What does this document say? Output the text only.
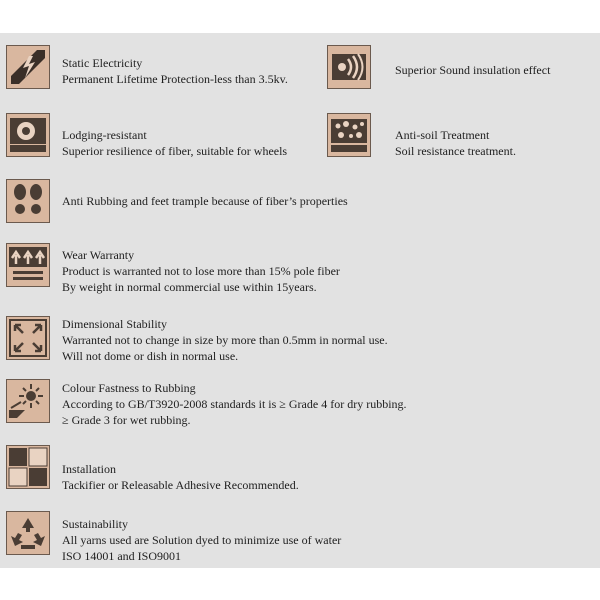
Static Electricity
Permanent Lifetime Protection-less than 3.5kv.
Superior Sound insulation effect
Lodging-resistant
Superior resilience of fiber, suitable for wheels
Anti-soil Treatment
Soil resistance treatment.
Anti Rubbing and feet trample because of fiber’s properties
Wear Warranty
Product is warranted not to lose more than 15% pole fiber
By weight in normal commercial use within 15years.
Dimensional Stability
Warranted not to change in size by more than 0.5mm in normal use.
Will not dome or dish in normal use.
Colour Fastness to Rubbing
According to GB/T3920-2008 standards it is ≥ Grade 4 for dry rubbing.
≥ Grade 3 for wet rubbing.
Installation
Tackifier or Releasable Adhesive Recommended.
Sustainability
All yarns used are Solution dyed to minimize use of water
ISO 14001 and ISO9001
